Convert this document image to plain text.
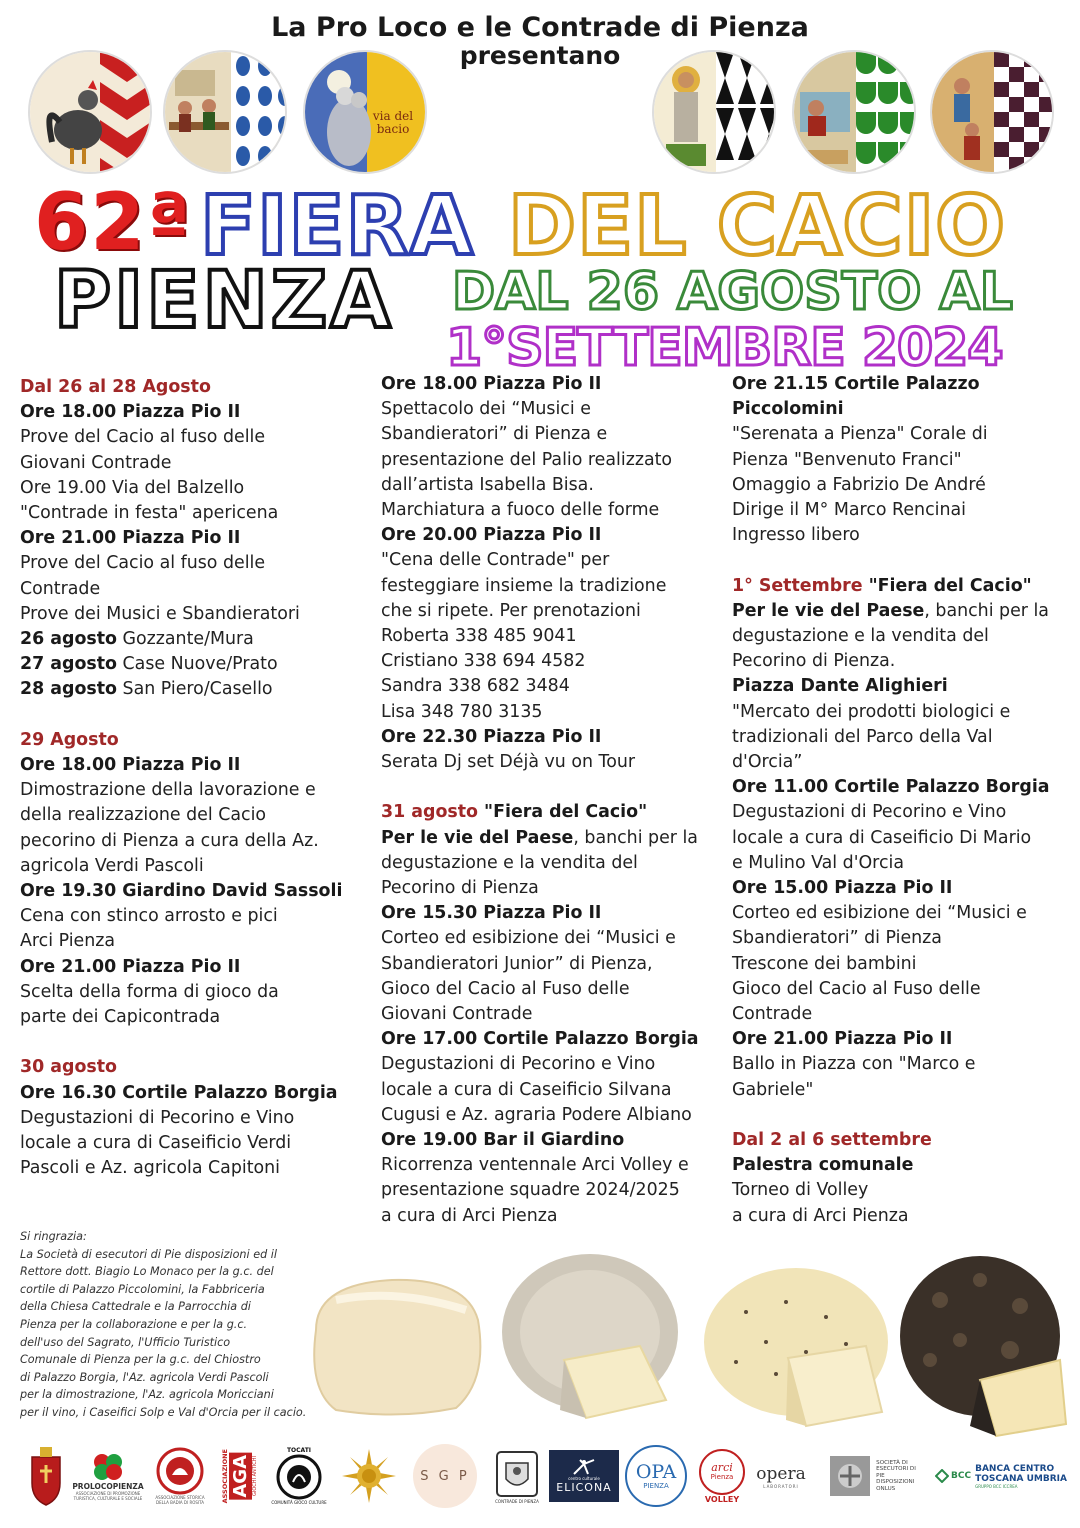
La Pro Loco e le Contrade di Pienza
presentano
via del bacio
62ª FIERA DEL CACIO
PIENZA DAL 26 AGOSTO AL
1°SETTEMBRE 2024
Dal 26 al 28 Agosto
Ore 18.00 Piazza Pio II
Prove del Cacio al fuso delle
Giovani Contrade
Ore 19.00 Via del Balzello
"Contrade in festa" apericena
Ore 21.00 Piazza Pio II
Prove del Cacio al fuso delle
Contrade
Prove dei Musici e Sbandieratori
26 agosto Gozzante/Mura
27 agosto Case Nuove/Prato
28 agosto San Piero/Casello
29 Agosto
Ore 18.00 Piazza Pio II
Dimostrazione della lavorazione e
della realizzazione del Cacio
pecorino di Pienza a cura della Az.
agricola Verdi Pascoli
Ore 19.30 Giardino David Sassoli
Cena con stinco arrosto e pici
Arci Pienza
Ore 21.00 Piazza Pio II
Scelta della forma di gioco da
parte dei Capicontrada
30 agosto
Ore 16.30 Cortile Palazzo Borgia
Degustazioni di Pecorino e Vino
locale a cura di Caseificio Verdi
Pascoli e Az. agricola Capitoni
Ore 18.00 Piazza Pio II
Spettacolo dei “Musici e
Sbandieratori” di Pienza e
presentazione del Palio realizzato
dall’artista Isabella Bisa.
Marchiatura a fuoco delle forme
Ore 20.00 Piazza Pio II
"Cena delle Contrade" per
festeggiare insieme la tradizione
che si ripete. Per prenotazioni
Roberta 338 485 9041
Cristiano 338 694 4582
Sandra 338 682 3484
Lisa 348 780 3135
Ore 22.30 Piazza Pio II
Serata Dj set Déjà vu on Tour
31 agosto "Fiera del Cacio"
Per le vie del Paese, banchi per la
degustazione e la vendita del
Pecorino di Pienza
Ore 15.30 Piazza Pio II
Corteo ed esibizione dei “Musici e
Sbandieratori Junior” di Pienza,
Gioco del Cacio al Fuso delle
Giovani Contrade
Ore 17.00 Cortile Palazzo Borgia
Degustazioni di Pecorino e Vino
locale a cura di Caseificio Silvana
Cugusi e Az. agraria Podere Albiano
Ore 19.00 Bar il Giardino
Ricorrenza ventennale Arci Volley e
presentazione squadre 2024/2025
a cura di Arci Pienza
Ore 21.15 Cortile Palazzo
Piccolomini
"Serenata a Pienza" Corale di
Pienza "Benvenuto Franci"
Omaggio a Fabrizio De André
Dirige il M° Marco Rencinai
Ingresso libero
1° Settembre "Fiera del Cacio"
Per le vie del Paese, banchi per la
degustazione e la vendita del
Pecorino di Pienza.
Piazza Dante Alighieri
"Mercato dei prodotti biologici e
tradizionali del Parco della Val
d'Orcia”
Ore 11.00 Cortile Palazzo Borgia
Degustazioni di Pecorino e Vino
locale a cura di Caseificio Di Mario
e Mulino Val d'Orcia
Ore 15.00 Piazza Pio II
Corteo ed esibizione dei “Musici e
Sbandieratori” di Pienza
Trescone dei bambini
Gioco del Cacio al Fuso delle
Contrade
Ore 21.00 Piazza Pio II
Ballo in Piazza con "Marco e
Gabriele"
Dal 2 al 6 settembre
Palestra comunale
Torneo di Volley
a cura di Arci Pienza
Si ringrazia:
La Società di esecutori di Pie disposizioni ed il
Rettore dott. Biagio Lo Monaco per la g.c. del
cortile di Palazzo Piccolomini, la Fabbriceria
della Chiesa Cattedrale e la Parrocchia di
Pienza per la collaborazione e per la g.c.
dell'uso del Sagrato, l'Ufficio Turistico
Comunale di Pienza per la g.c. del Chiostro
di Palazzo Borgia, l'Az. agricola Verdi Pascoli
per la dimostrazione, l'Az. agricola Moricciani
per il vino, i Caseifici Solp e Val d'Orcia per il cacio.
PROLOCOPIENZA
ASSOCIAZIONE DI PROMOZIONE
TURISTICA, CULTURALE E SOCIALE	ASSOCIAZIONE STORICA
DELLA BADIA DI ROSITA	ASSOCIAZIONE AGA GIOCHI ANTICHI
TOCATI
COMUNITÀ GIOCO CULTURE
S G P
CONTRADE DI PIENZA
centro culturale
ELICONA
OPA
PIENZA
arci
Pienza
VOLLEY
opera
LABORATORI
SOCIETÀ DI
ESECUTORI DI
PIE
DISPOSIZIONI
ONLUS
BCC
BANCA CENTRO
TOSCANA UMBRIA
GRUPPO BCC ICCREA
